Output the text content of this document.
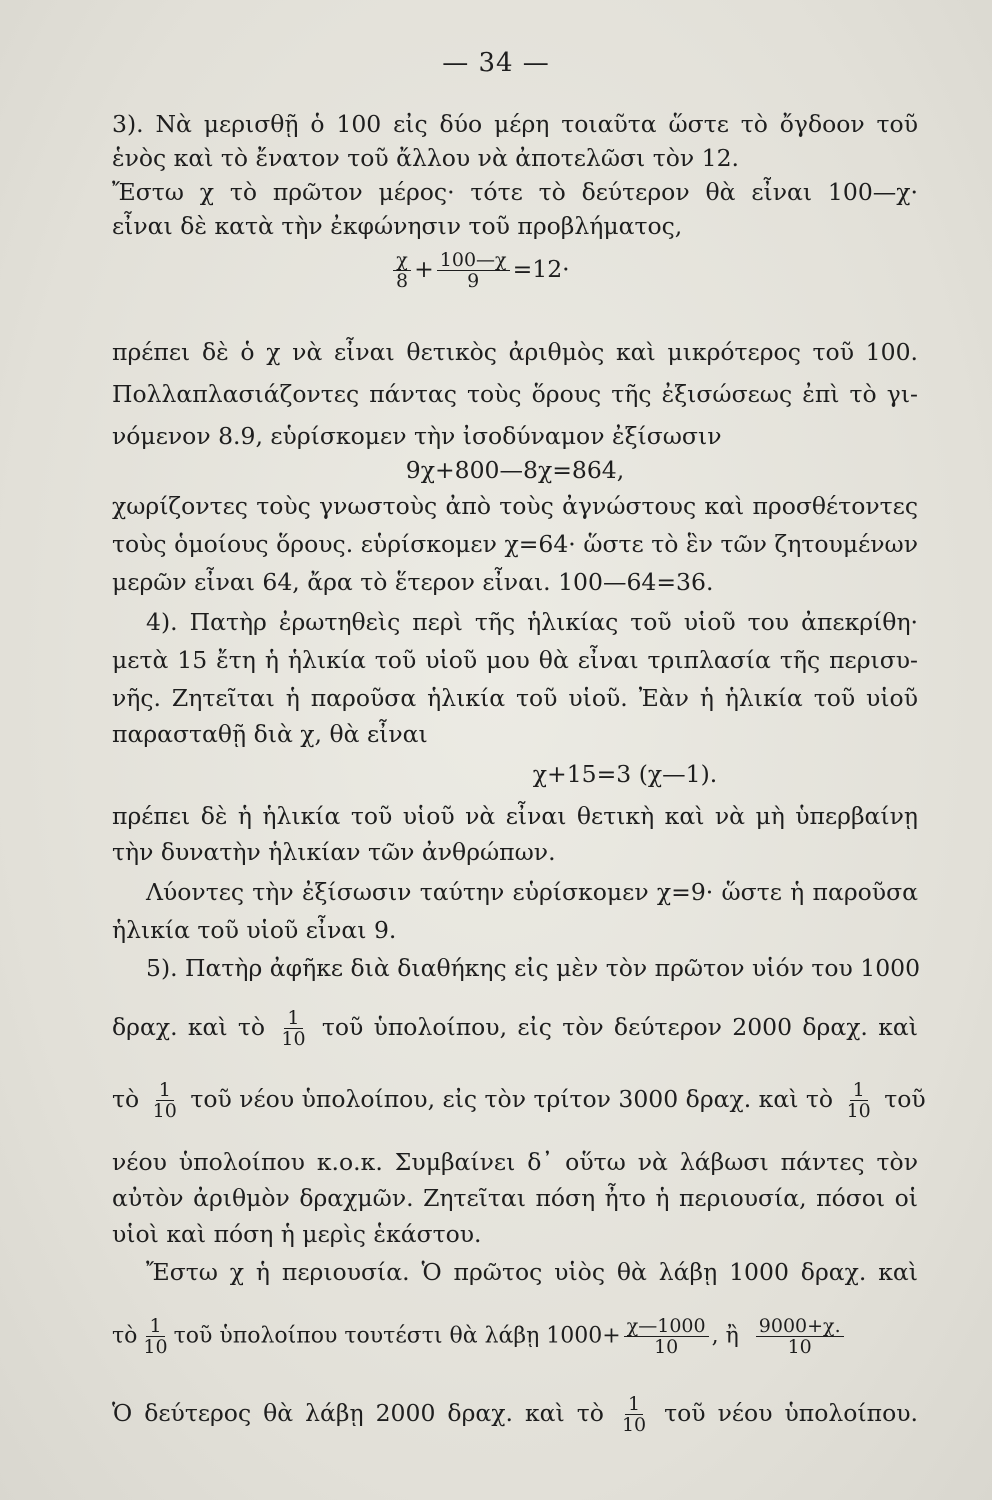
— 34 —
3). Νὰ μερισθῇ ὁ 100 εἰς δύο μέρη τοιαῦτα ὥστε τὸ ὄγδοον τοῦ
ἑνὸς καὶ τὸ ἔνατον τοῦ ἄλλου νὰ ἀποτελῶσι τὸν 12.
Ἔστω χ τὸ πρῶτον μέρος· τότε τὸ δεύτερον θὰ εἶναι 100—χ·
εἶναι δὲ κατὰ τὴν ἐκφώνησιν τοῦ προβλήματος,
$\frac{\chi}{8} + \frac{100—\chi}{9} =12\cdot$
πρέπει δὲ ὁ χ νὰ εἶναι θετικὸς ἀριθμὸς καὶ μικρότερος τοῦ 100.
Πολλαπλασιάζοντες πάντας τοὺς ὅρους τῆς ἐξισώσεως ἐπὶ τὸ γι-
νόμενον 8.9, εὑρίσκομεν τὴν ἰσοδύναμον ἐξίσωσιν
9χ+800—8χ=864,
χωρίζοντες τοὺς γνωστοὺς ἀπὸ τοὺς ἀγνώστους καὶ προσθέτοντες
τοὺς ὁμοίους ὅρους. εὑρίσκομεν χ=64· ὥστε τὸ ἓν τῶν ζητουμένων
μερῶν εἶναι 64, ἄρα τὸ ἕτερον εἶναι. 100—64=36.
4). Πατὴρ ἐρωτηθεὶς περὶ τῆς ἡλικίας τοῦ υἱοῦ του ἀπεκρίθη·
μετὰ 15 ἔτη ἡ ἡλικία τοῦ υἱοῦ μου θὰ εἶναι τριπλασία τῆς περισυ-
νῆς. Ζητεῖται ἡ παροῦσα ἡλικία τοῦ υἱοῦ. Ἐὰν ἡ ἡλικία τοῦ υἱοῦ
παρασταθῇ διὰ χ, θὰ εἶναι
χ+15=3 (χ—1).
πρέπει δὲ ἡ ἡλικία τοῦ υἱοῦ νὰ εἶναι θετικὴ καὶ νὰ μὴ ὑπερβαίνῃ
τὴν δυνατὴν ἡλικίαν τῶν ἀνθρώπων.
Λύοντες τὴν ἐξίσωσιν ταύτην εὑρίσκομεν χ=9· ὥστε ἡ παροῦσα
ἡλικία τοῦ υἱοῦ εἶναι 9.
5). Πατὴρ ἀφῆκε διὰ διαθήκης εἰς μὲν τὸν πρῶτον υἱόν του 1000
δραχ. καὶ τὸ $\frac{1}{10}$ τοῦ ὑπολοίπου, εἰς τὸν δεύτερον 2000 δραχ. καὶ
τὸ $\frac{1}{10}$ τοῦ νέου ὑπολοίπου, εἰς τὸν τρίτον 3000 δραχ. καὶ τὸ $\frac{1}{10}$ τοῦ
νέου ὑπολοίπου κ.ο.κ. Συμβαίνει δ᾽ οὕτω νὰ λάβωσι πάντες τὸν
αὐτὸν ἀριθμὸν δραχμῶν. Ζητεῖται πόση ἦτο ἡ περιουσία, πόσοι οἱ
υἱοὶ καὶ πόση ἡ μερὶς ἑκάστου.
Ἔστω χ ἡ περιουσία. Ὁ πρῶτος υἱὸς θὰ λάβῃ 1000 δραχ. καὶ
τὸ $\frac{1}{10}$ τοῦ ὑπολοίπου τουτέστι θὰ λάβῃ $1000+ \frac{\chi—1000}{10}$ , ἢ $\frac{9000+\chi.}{10}$
Ὁ δεύτερος θὰ λάβῃ 2000 δραχ. καὶ τὸ $\frac{1}{10}$ τοῦ νέου ὑπολοίπου.
